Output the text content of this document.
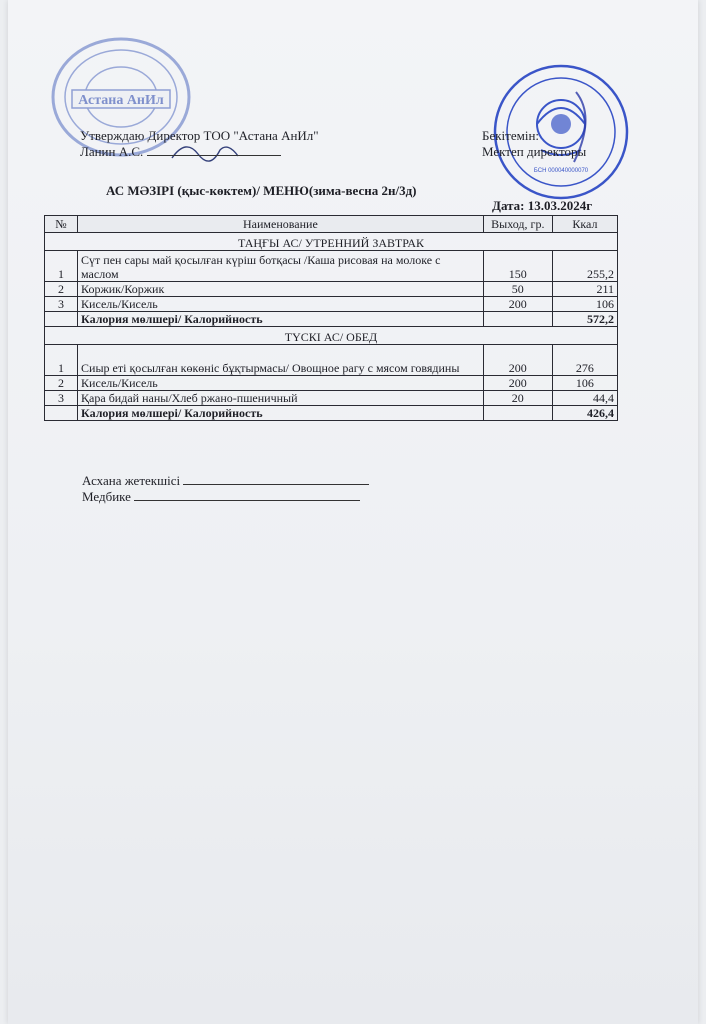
Астана АнИл
БСН 000040000070
Утверждаю Директор ТОО "Астана АнИл"
Ланин А.С.
Бекітемін:
Мектеп директоры
АС МӘЗІРІ (қыс-көктем)/ МЕНЮ(зима-весна 2н/3д)
Дата: 13.03.2024г
№	Наименование	Выход, гр.	Ккал
ТАҢҒЫ АС/ УТРЕННИЙ ЗАВТРАК			
1	Сүт пен сары май қосылған күріш ботқасы /Каша рисовая на молоке с маслом	150	255,2
2	Коржик/Коржик	50	211
3	Кисель/Кисель	200	106
	Калория мөлшері/ Калорийность		572,2
ТҮСКІ АС/ ОБЕД			
1	Сиыр еті қосылған көкөніс бұқтырмасы/ Овощное рагу с мясом говядины	200	276
2	Кисель/Кисель	200	106
3	Қара бидай наны/Хлеб ржано-пшеничный	20	44,4
	Калория мөлшері/ Калорийность		426,4
Асхана жетекшісі
Медбике
